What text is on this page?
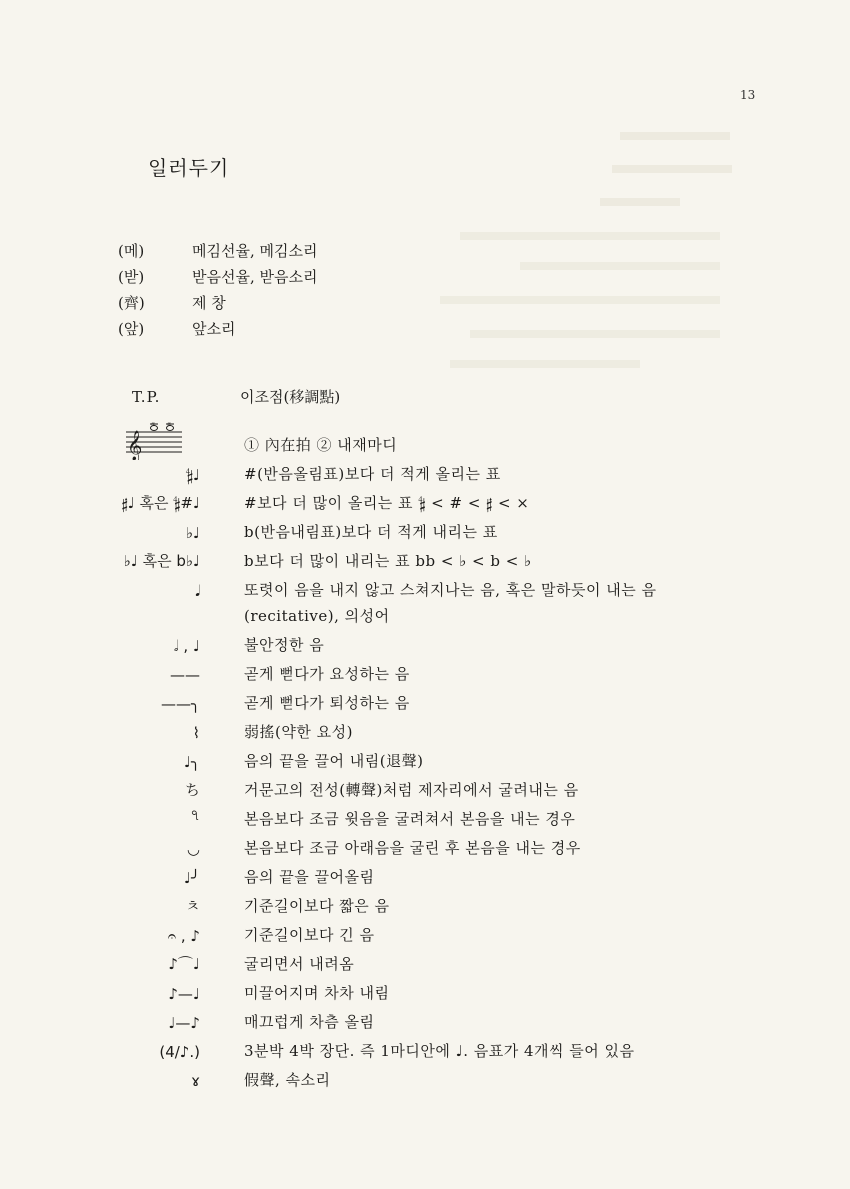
13
일러두기
(메)	메김선율, 메김소리
(받)	받음선율, 받음소리
(齊)	제 창
(앞)	앞소리
T.P.	이조점(移調點)
𝄞
① ②
① 內在拍 ② 내재마디
𝄲♩	#(반음올림표)보다 더 적게 올리는 표
𝄰♩ 혹은 𝄲#♩	#보다 더 많이 올리는 표 𝄲 < # < 𝄰 < ×
♭♩	b(반음내림표)보다 더 적게 내리는 표
♭♩ 혹은 b♭♩	b보다 더 많이 내리는 표 bb < ♭ < b < ♭
𝅘𝅥	또렷이 음을 내지 않고 스쳐지나는 음, 혹은 말하듯이 내는 음
(recitative), 의성어
𝅗𝅥 , ♩	불안정한 음
——	곧게 뻗다가 요성하는 음
——╮	곧게 뻗다가 퇴성하는 음
⌇	弱搖(약한 요성)
♩╮	음의 끝을 끌어 내림(退聲)
ち	거문고의 전성(轉聲)처럼 제자리에서 굴려내는 음
৭	본음보다 조금 윗음을 굴려쳐서 본음을 내는 경우
◡	본음보다 조금 아래음을 굴린 후 본음을 내는 경우
♩╯	음의 끝을 끌어올림
ㅊ	기준길이보다 짧은 음
𝄐 , ♪	기준길이보다 긴 음
♪⌒♩	굴리면서 내려옴
♪—♩	미끌어지며 차차 내림
♩—♪	매끄럽게 차츰 올림
(4/♪.)	3분박 4박 장단. 즉 1마디안에 ♩. 음표가 4개씩 들어 있음
ɤ	假聲, 속소리
